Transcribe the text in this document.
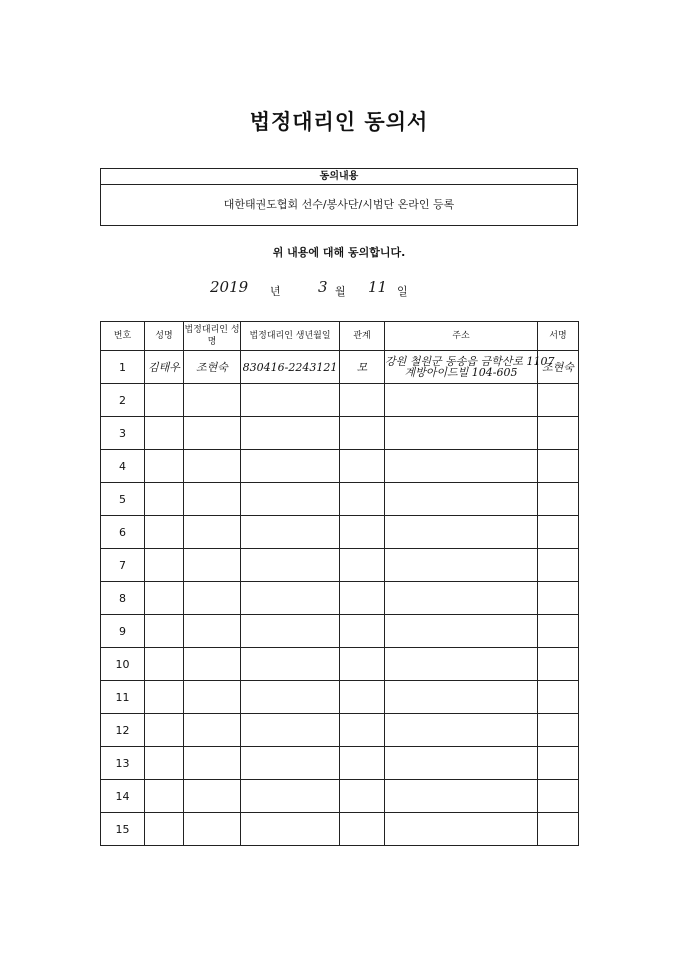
법정대리인 동의서
동의내용
대한태권도협회 선수/봉사단/시범단 온라인 등록
위 내용에 대해 동의합니다.
2019 년 3 월 11 일
번호	성명	법정대리인 성명	법정대리인 생년월일	관계	주소	서명
1	김태우	조현숙	830416-2243121	모	강원 철원군 동송읍 금학산로 1107
계방아이드빌 104-605	조현숙
2					

3					

4					

5					

6					

7					

8					

9					

10					

11					

12					

13					

14					

15					
